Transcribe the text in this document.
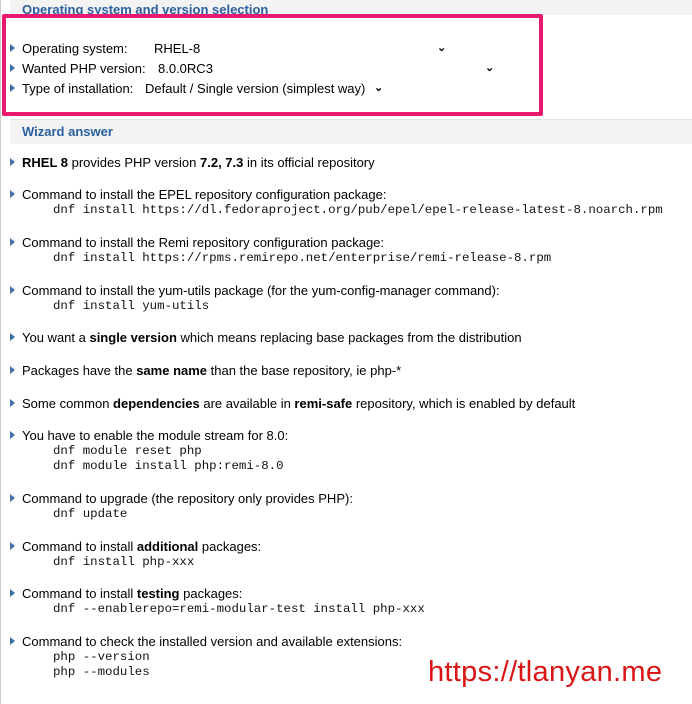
Operating system and version selection
Operating system: RHEL-8	⌄
Wanted PHP version: 8.0.0RC3	⌄
Type of installation: Default / Single version (simplest way) ⌄
Wizard answer
RHEL 8 provides PHP version 7.2, 7.3 in its official repository
Command to install the EPEL repository configuration package:
dnf install https://dl.fedoraproject.org/pub/epel/epel-release-latest-8.noarch.rpm
Command to install the Remi repository configuration package:
dnf install https://rpms.remirepo.net/enterprise/remi-release-8.rpm
Command to install the yum-utils package (for the yum-config-manager command):
dnf install yum-utils
You want a single version which means replacing base packages from the distribution
Packages have the same name than the base repository, ie php-*
Some common dependencies are available in remi-safe repository, which is enabled by default
You have to enable the module stream for 8.0:
dnf module reset php
dnf module install php:remi-8.0
Command to upgrade (the repository only provides PHP):
dnf update
Command to install additional packages:
dnf install php-xxx
Command to install testing packages:
dnf --enablerepo=remi-modular-test install php-xxx
Command to check the installed version and available extensions:
php --version
php --modules	https://tlanyan.me
